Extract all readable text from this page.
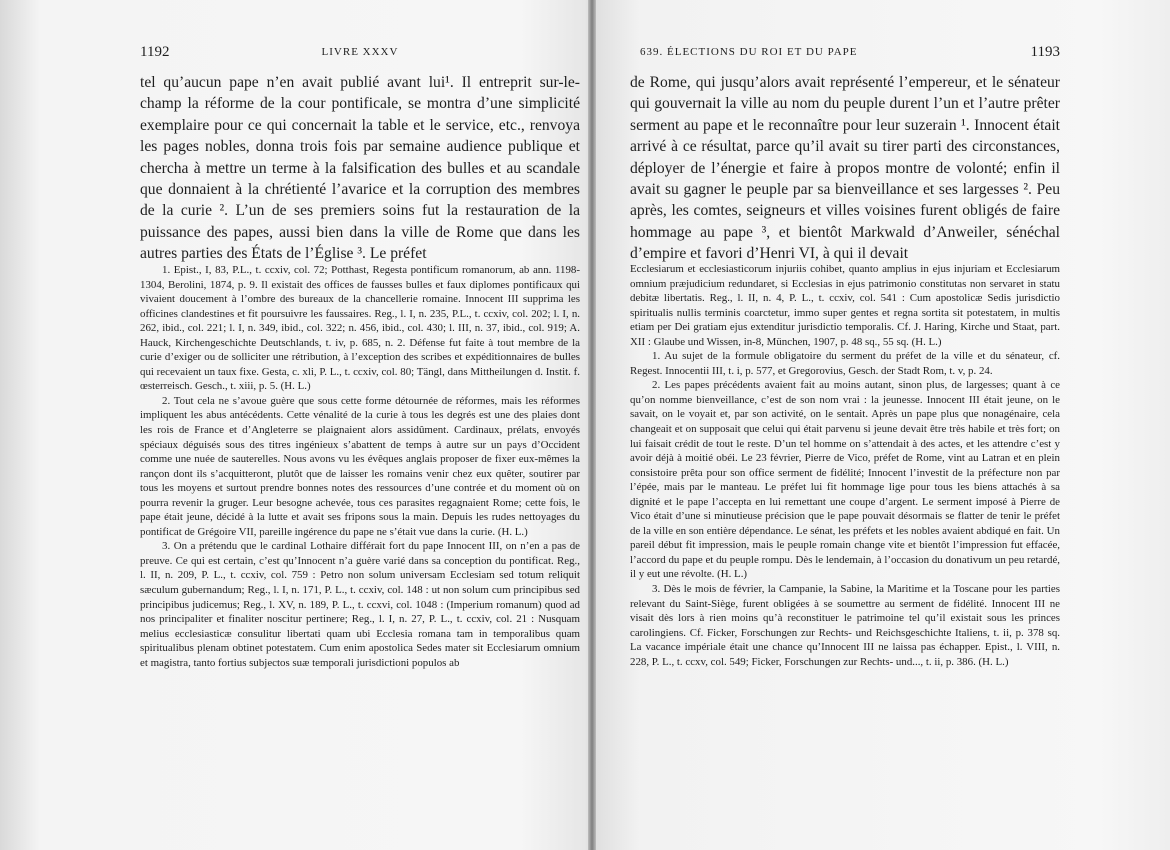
1192	LIVRE XXXV

tel qu’aucun pape n’en avait publié avant lui¹. Il entreprit sur-le-champ la réforme de la cour pontificale, se montra d’une simplicité exemplaire pour ce qui concernait la table et le service, etc., renvoya les pages nobles, donna trois fois par semaine audience publique et chercha à mettre un terme à la falsification des bulles et au scandale que donnaient à la chrétienté l’avarice et la corruption des membres de la curie ². L’un de ses premiers soins fut la restauration de la puissance des papes, aussi bien dans la ville de Rome que dans les autres parties des États de l’Église ³. Le préfet

1. Epist., I, 83, P.L., t. ccxiv, col. 72; Potthast, Regesta pontificum romanorum, ab ann. 1198-1304, Berolini, 1874, p. 9. Il existait des offices de fausses bulles et faux diplomes pontificaux qui vivaient doucement à l’ombre des bureaux de la chancellerie romaine. Innocent III supprima les officines clandestines et fit poursuivre les faussaires. Reg., l. I, n. 235, P.L., t. ccxiv, col. 202; l. I, n. 262, ibid., col. 221; l. I, n. 349, ibid., col. 322; n. 456, ibid., col. 430; l. III, n. 37, ibid., col. 919; A. Hauck, Kirchengeschichte Deutschlands, t. iv, p. 685, n. 2. Défense fut faite à tout membre de la curie d’exiger ou de solliciter une rétribution, à l’exception des scribes et expéditionnaires de bulles qui recevaient un taux fixe. Gesta, c. xli, P. L., t. ccxiv, col. 80; Tängl, dans Mittheilungen d. Instit. f. œsterreisch. Gesch., t. xiii, p. 5. (H. L.)

2. Tout cela ne s’avoue guère que sous cette forme détournée de réformes, mais les réformes impliquent les abus antécédents. Cette vénalité de la curie à tous les degrés est une des plaies dont les rois de France et d’Angleterre se plaignaient alors assidûment. Cardinaux, prélats, envoyés spéciaux déguisés sous des titres ingénieux s’abattent de temps à autre sur un pays d’Occident comme une nuée de sauterelles. Nous avons vu les évêques anglais proposer de fixer eux-mêmes la rançon dont ils s’acquitteront, plutôt que de laisser les romains venir chez eux quêter, soutirer par tous les moyens et surtout prendre bonnes notes des ressources d’une contrée et du moment où on pourra revenir la gruger. Leur besogne achevée, tous ces parasites regagnaient Rome; cette fois, le pape était jeune, décidé à la lutte et avait ses fripons sous la main. Depuis les rudes nettoyages du pontificat de Grégoire VII, pareille ingérence du pape ne s’était vue dans la curie. (H. L.)

3. On a prétendu que le cardinal Lothaire différait fort du pape Innocent III, on n’en a pas de preuve. Ce qui est certain, c’est qu’Innocent n’a guère varié dans sa conception du pontificat. Reg., l. II, n. 209, P. L., t. ccxiv, col. 759 : Petro non solum universam Ecclesiam sed totum reliquit sæculum gubernandum; Reg., l. I, n. 171, P. L., t. ccxiv, col. 148 : ut non solum cum principibus sed principibus judicemus; Reg., l. XV, n. 189, P. L., t. ccxvi, col. 1048 : (Imperium romanum) quod ad nos principaliter et finaliter noscitur pertinere; Reg., l. I, n. 27, P. L., t. ccxiv, col. 21 : Nusquam melius ecclesiasticæ consulitur libertati quam ubi Ecclesia romana tam in temporalibus quam spiritualibus plenam obtinet potestatem. Cum enim apostolica Sedes mater sit Ecclesiarum omnium et magistra, tanto fortius subjectos suæ temporali jurisdictioni populos ab

639. ÉLECTIONS DU ROI ET DU PAPE	1193

de Rome, qui jusqu’alors avait représenté l’empereur, et le sénateur qui gouvernait la ville au nom du peuple durent l’un et l’autre prêter serment au pape et le reconnaître pour leur suzerain ¹. Innocent était arrivé à ce résultat, parce qu’il avait su tirer parti des circonstances, déployer de l’énergie et faire à propos montre de volonté; enfin il avait su gagner le peuple par sa bienveillance et ses largesses ². Peu après, les comtes, seigneurs et villes voisines furent obligés de faire hommage au pape ³, et bientôt Markwald d’Anweiler, sénéchal d’empire et favori d’Henri VI, à qui il devait

Ecclesiarum et ecclesiasticorum injuriis cohibet, quanto amplius in ejus injuriam et Ecclesiarum omnium præjudicium redundaret, si Ecclesias in ejus patrimonio constitutas non servaret in statu debitæ libertatis. Reg., l. II, n. 4, P. L., t. ccxiv, col. 541 : Cum apostolicæ Sedis jurisdictio spiritualis nullis terminis coarctetur, immo super gentes et regna sortita sit potestatem, in multis etiam per Dei gratiam ejus extenditur jurisdictio temporalis. Cf. J. Haring, Kirche und Staat, part. XII : Glaube und Wissen, in-8, München, 1907, p. 48 sq., 55 sq. (H. L.)

1. Au sujet de la formule obligatoire du serment du préfet de la ville et du sénateur, cf. Regest. Innocentii III, t. i, p. 577, et Gregorovius, Gesch. der Stadt Rom, t. v, p. 24.

2. Les papes précédents avaient fait au moins autant, sinon plus, de largesses; quant à ce qu’on nomme bienveillance, c’est de son nom vrai : la jeunesse. Innocent III était jeune, on le savait, on le voyait et, par son activité, on le sentait. Après un pape plus que nonagénaire, cela changeait et on supposait que celui qui était parvenu si jeune devait être très habile et très fort; on lui faisait crédit de tout le reste. D’un tel homme on s’attendait à des actes, et les attendre c’est y avoir déjà à moitié obéi. Le 23 février, Pierre de Vico, préfet de Rome, vint au Latran et en plein consistoire prêta pour son office serment de fidélité; Innocent l’investit de la préfecture non par l’épée, mais par le manteau. Le préfet lui fit hommage lige pour tous les biens attachés à sa dignité et le pape l’accepta en lui remettant une coupe d’argent. Le serment imposé à Pierre de Vico était d’une si minutieuse précision que le pape pouvait désormais se flatter de tenir le préfet de la ville en son entière dépendance. Le sénat, les préfets et les nobles avaient abdiqué en fait. Un pareil début fit impression, mais le peuple romain change vite et bientôt l’impression fut effacée, l’accord du pape et du peuple rompu. Dès le lendemain, à l’occasion du donativum un peu retardé, il y eut une révolte. (H. L.)

3. Dès le mois de février, la Campanie, la Sabine, la Maritime et la Toscane pour les parties relevant du Saint-Siège, furent obligées à se soumettre au serment de fidélité. Innocent III ne visait dès lors à rien moins qu’à reconstituer le patrimoine tel qu’il existait sous les princes carolingiens. Cf. Ficker, Forschungen zur Rechts- und Reichsgeschichte Italiens, t. ii, p. 378 sq. La vacance impériale était une chance qu’Innocent III ne laissa pas échapper. Epist., l. VIII, n. 228, P. L., t. ccxv, col. 549; Ficker, Forschungen zur Rechts- und..., t. ii, p. 386. (H. L.)
